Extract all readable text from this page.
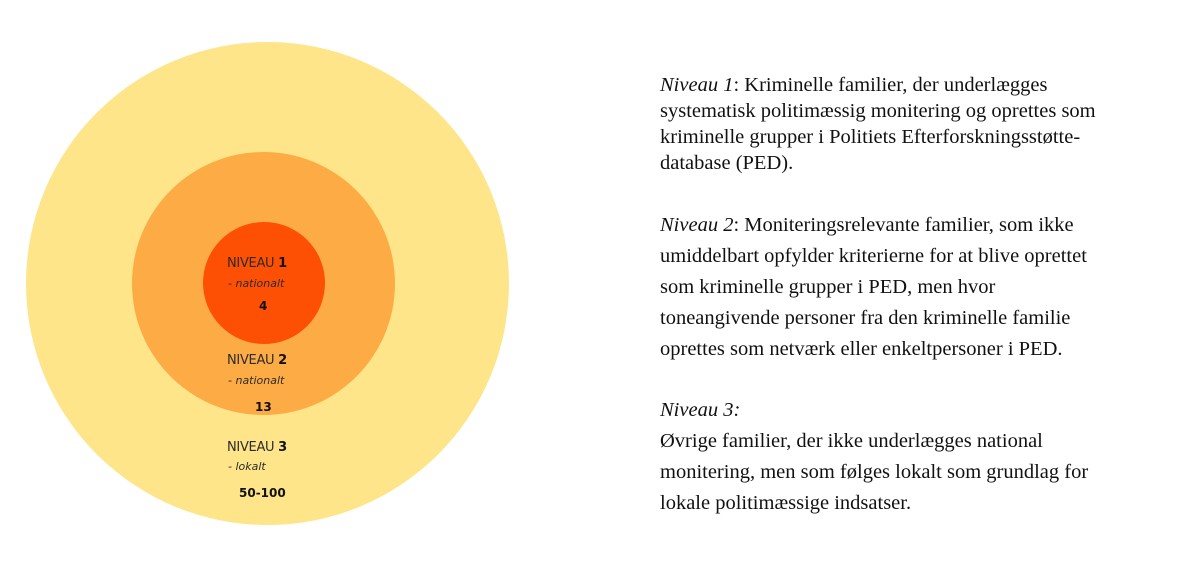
NIVEAU 1
- nationalt
4
NIVEAU 2
- nationalt
13
NIVEAU 3
- lokalt
50-100

Niveau 1: Kriminelle familier, der underlægges

systematisk politimæssig monitering og oprettes som

kriminelle grupper i Politiets Efterforskningsstøtte-

database (PED).

Niveau 2: Moniteringsrelevante familier, som ikke

umiddelbart opfylder kriterierne for at blive oprettet

som kriminelle grupper i PED, men hvor

toneangivende personer fra den kriminelle familie

oprettes som netværk eller enkeltpersoner i PED.

Niveau 3:

Øvrige familier, der ikke underlægges national

monitering, men som følges lokalt som grundlag for

lokale politimæssige indsatser.
